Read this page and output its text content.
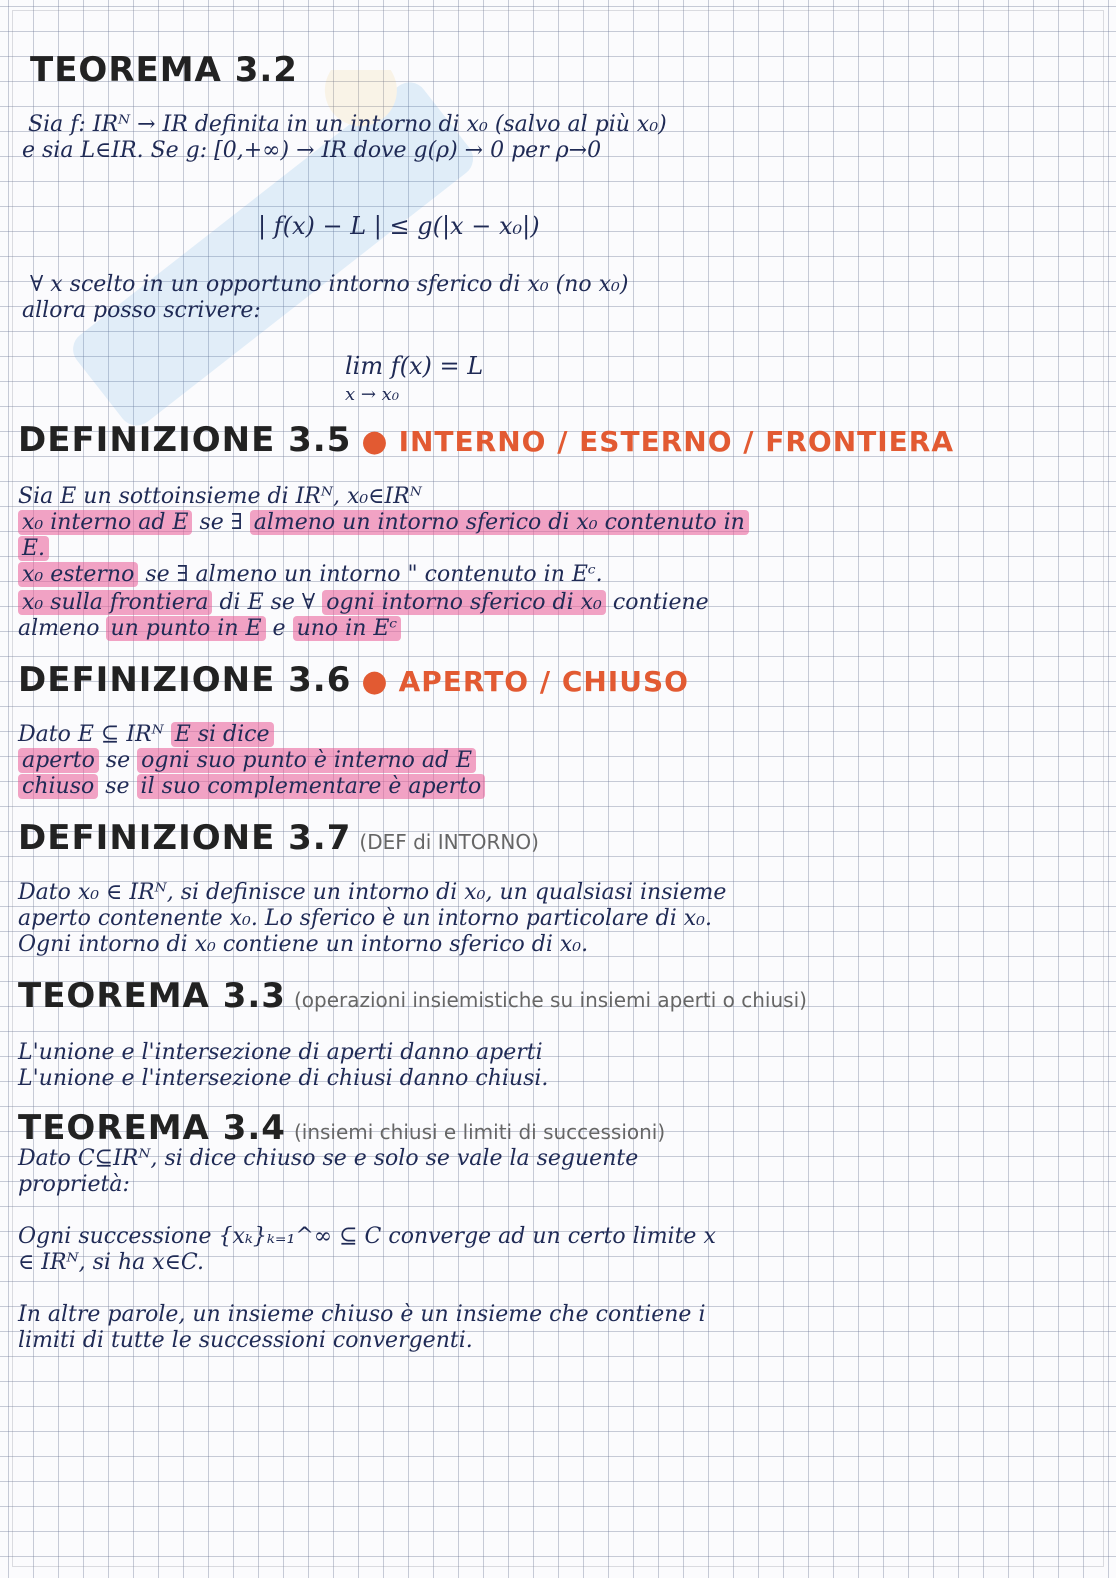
TEOREMA 3.2
Sia f: IRᴺ → IR definita in un intorno di x₀ (salvo al più x₀)
e sia L∈IR. Se g: [0,+∞) → IR dove g(ρ) → 0 per ρ→0
| f(x) − L | ≤ g(|x − x₀|)
∀ x scelto in un opportuno intorno sferico di x₀ (no x₀)
allora posso scrivere:
lim f(x) = L
x → x₀
DEFINIZIONE 3.5 ● INTERNO / ESTERNO / FRONTIERA
Sia E un sottoinsieme di IRᴺ, x₀∈IRᴺ
x₀ interno ad E se ∃ almeno un intorno sferico di x₀ contenuto in
E.
x₀ esterno se ∃ almeno un intorno " contenuto in Eᶜ.
x₀ sulla frontiera di E se ∀ ogni intorno sferico di x₀ contiene
almeno un punto in E e uno in Eᶜ
DEFINIZIONE 3.6 ● APERTO / CHIUSO
Dato E ⊆ IRᴺ E si dice
aperto se ogni suo punto è interno ad E
chiuso se il suo complementare è aperto
DEFINIZIONE 3.7 (DEF di INTORNO)
Dato x₀ ∈ IRᴺ, si definisce un intorno di x₀, un qualsiasi insieme
aperto contenente x₀. Lo sferico è un intorno particolare di x₀.
Ogni intorno di x₀ contiene un intorno sferico di x₀.
TEOREMA 3.3 (operazioni insiemistiche su insiemi aperti o chiusi)
L'unione e l'intersezione di aperti danno aperti
L'unione e l'intersezione di chiusi danno chiusi.
TEOREMA 3.4 (insiemi chiusi e limiti di successioni)
Dato C⊆IRᴺ, si dice chiuso se e solo se vale la seguente
proprietà:
Ogni successione {xₖ}ₖ₌₁^∞ ⊆ C converge ad un certo limite x
∈ IRᴺ, si ha x∈C.
In altre parole, un insieme chiuso è un insieme che contiene i
limiti di tutte le successioni convergenti.
